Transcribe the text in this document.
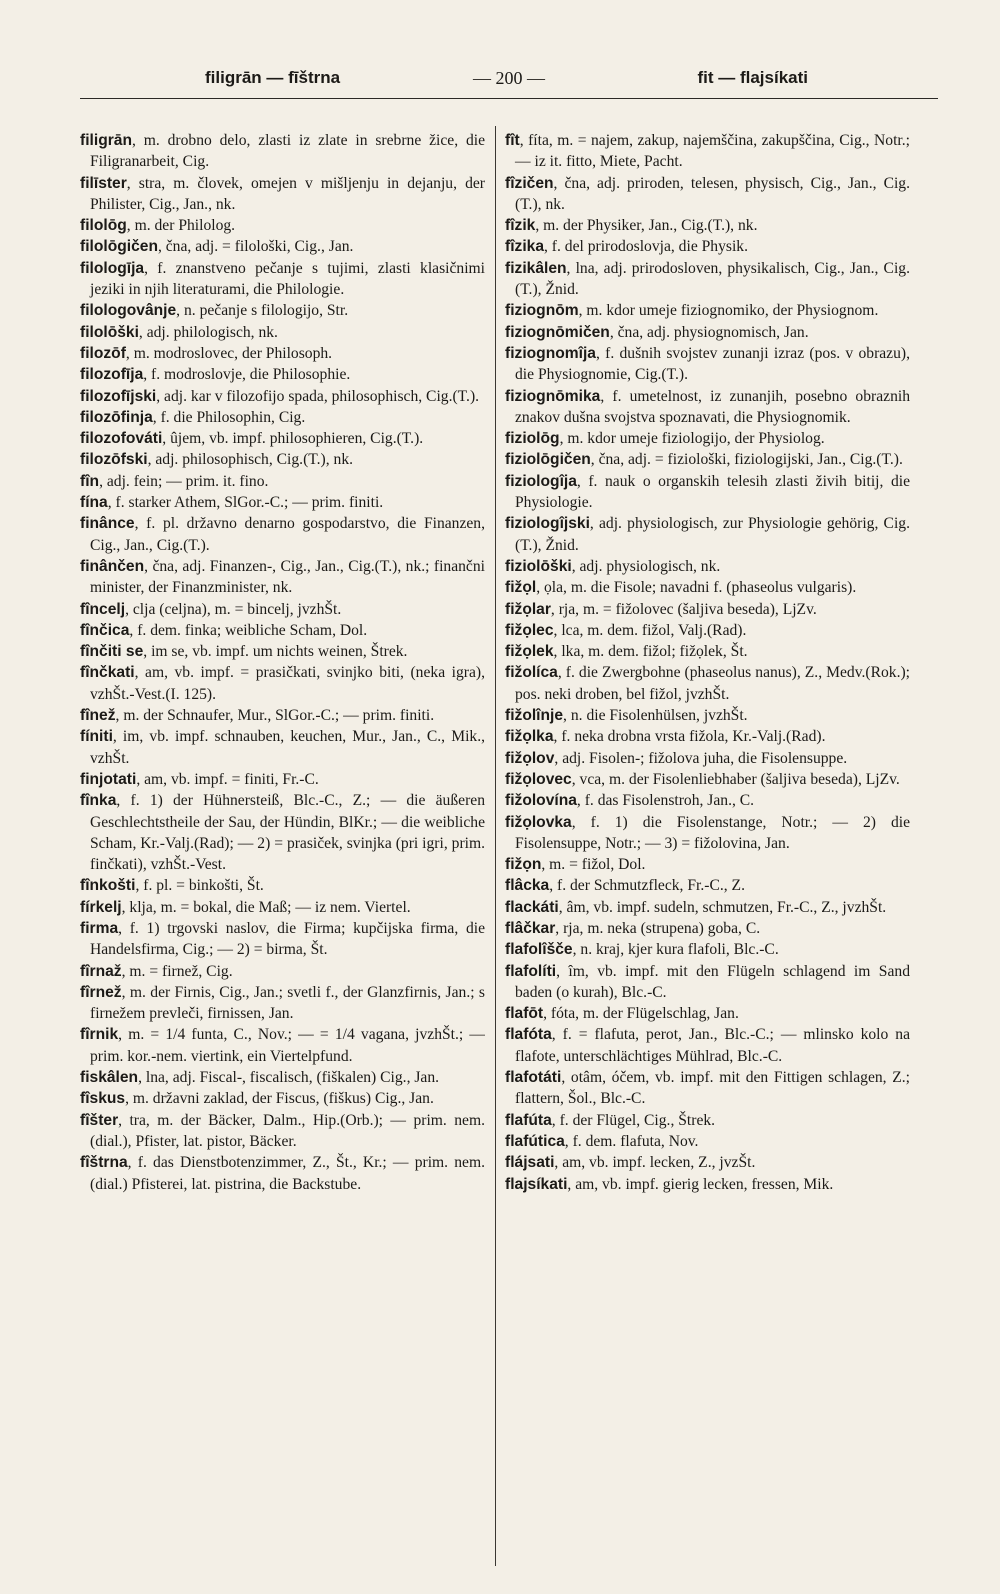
filigrān — fīštrna	— 200 —	fit — flajsíkati
filigrān, m. drobno delo, zlasti iz zlate in srebrne žice, die Filigranarbeit, Cig.
filīster, stra, m. človek, omejen v mišljenju in dejanju, der Philister, Cig., Jan., nk.
filolōg, m. der Philolog.
filolōgičen, čna, adj. = filološki, Cig., Jan.
filologīja, f. znanstveno pečanje s tujimi, zlasti klasičnimi jeziki in njih literaturami, die Philologie.
filologovânje, n. pečanje s filologijo, Str.
filolōški, adj. philologisch, nk.
filozōf, m. modroslovec, der Philosoph.
filozofīja, f. modroslovje, die Philosophie.
filozofījski, adj. kar v filozofijo spada, philosophisch, Cig.(T.).
filozōfinja, f. die Philosophin, Cig.
filozofováti, ûjem, vb. impf. philosophieren, Cig.(T.).
filozōfski, adj. philosophisch, Cig.(T.), nk.
fîn, adj. fein; — prim. it. fino.
fína, f. starker Athem, SlGor.-C.; — prim. finiti.
finânce, f. pl. državno denarno gospodarstvo, die Finanzen, Cig., Jan., Cig.(T.).
finânčen, čna, adj. Finanzen-, Cig., Jan., Cig.(T.), nk.; finančni minister, der Finanzminister, nk.
fîncelj, clja (celjna), m. = bincelj, jvzhŠt.
fînčica, f. dem. finka; weibliche Scham, Dol.
fînčiti se, im se, vb. impf. um nichts weinen, Štrek.
fînčkati, am, vb. impf. = prasičkati, svinjko biti, (neka igra), vzhŠt.-Vest.(I. 125).
fînež, m. der Schnaufer, Mur., SlGor.-C.; — prim. finiti.
fíniti, im, vb. impf. schnauben, keuchen, Mur., Jan., C., Mik., vzhŠt.
finjotati, am, vb. impf. = finiti, Fr.-C.
fînka, f. 1) der Hühnersteiß, Blc.-C., Z.; — die äußeren Geschlechtstheile der Sau, der Hündin, BlKr.; — die weibliche Scham, Kr.-Valj.(Rad); — 2) = prasiček, svinjka (pri igri, prim. finčkati), vzhŠt.-Vest.
fînkošti, f. pl. = binkošti, Št.
fírkelj, klja, m. = bokal, die Maß; — iz nem. Viertel.
firma, f. 1) trgovski naslov, die Firma; kupčijska firma, die Handelsfirma, Cig.; — 2) = birma, Št.
fîrnaž, m. = firnež, Cig.
fîrnež, m. der Firnis, Cig., Jan.; svetli f., der Glanzfirnis, Jan.; s firnežem prevleči, firnissen, Jan.
fîrnik, m. = 1/4 funta, C., Nov.; — = 1/4 vagana, jvzhŠt.; — prim. kor.-nem. viertink, ein Viertelpfund.
fiskâlen, lna, adj. Fiscal-, fiscalisch, (fiškalen) Cig., Jan.
fîskus, m. državni zaklad, der Fiscus, (fiškus) Cig., Jan.
fîšter, tra, m. der Bäcker, Dalm., Hip.(Orb.); — prim. nem. (dial.), Pfister, lat. pistor, Bäcker.
fîštrna, f. das Dienstbotenzimmer, Z., Št., Kr.; — prim. nem. (dial.) Pfisterei, lat. pistrina, die Backstube.
fît, fíta, m. = najem, zakup, najemščina, zakupščina, Cig., Notr.; — iz it. fitto, Miete, Pacht.
fîzičen, čna, adj. priroden, telesen, physisch, Cig., Jan., Cig.(T.), nk.
fîzik, m. der Physiker, Jan., Cig.(T.), nk.
fîzika, f. del prirodoslovja, die Physik.
fizikâlen, lna, adj. prirodosloven, physikalisch, Cig., Jan., Cig.(T.), Žnid.
fiziognōm, m. kdor umeje fiziognomiko, der Physiognom.
fiziognōmičen, čna, adj. physiognomisch, Jan.
fiziognomîja, f. dušnih svojstev zunanji izraz (pos. v obrazu), die Physiognomie, Cig.(T.).
fiziognōmika, f. umetelnost, iz zunanjih, posebno obraznih znakov dušna svojstva spoznavati, die Physiognomik.
fiziolōg, m. kdor umeje fiziologijo, der Physiolog.
fiziolōgičen, čna, adj. = fiziološki, fiziologijski, Jan., Cig.(T.).
fiziologîja, f. nauk o organskih telesih zlasti živih bitij, die Physiologie.
fiziologîjski, adj. physiologisch, zur Physiologie gehörig, Cig.(T.), Žnid.
fiziolōški, adj. physiologisch, nk.
fižọl, ọla, m. die Fisole; navadni f. (phaseolus vulgaris).
fižọlar, rja, m. = fižolovec (šaljiva beseda), LjZv.
fižọlec, lca, m. dem. fižol, Valj.(Rad).
fižọlek, lka, m. dem. fižol; fižọlek, Št.
fižolíca, f. die Zwergbohne (phaseolus nanus), Z., Medv.(Rok.); pos. neki droben, bel fižol, jvzhŠt.
fižolînje, n. die Fisolenhülsen, jvzhŠt.
fižọlka, f. neka drobna vrsta fižola, Kr.-Valj.(Rad).
fižọlov, adj. Fisolen-; fižolova juha, die Fisolensuppe.
fižọlovec, vca, m. der Fisolenliebhaber (šaljiva beseda), LjZv.
fižolovína, f. das Fisolenstroh, Jan., C.
fižọlovka, f. 1) die Fisolenstange, Notr.; — 2) die Fisolensuppe, Notr.; — 3) = fižolovina, Jan.
fižọn, m. = fižol, Dol.
flâcka, f. der Schmutzfleck, Fr.-C., Z.
flackáti, âm, vb. impf. sudeln, schmutzen, Fr.-C., Z., jvzhŠt.
flâčkar, rja, m. neka (strupena) goba, C.
flafolîšče, n. kraj, kjer kura flafoli, Blc.-C.
flafolíti, îm, vb. impf. mit den Flügeln schlagend im Sand baden (o kurah), Blc.-C.
flafōt, fóta, m. der Flügelschlag, Jan.
flafóta, f. = flafuta, perot, Jan., Blc.-C.; — mlinsko kolo na flafote, unterschlächtiges Mühlrad, Blc.-C.
flafotáti, otâm, óčem, vb. impf. mit den Fittigen schlagen, Z.; flattern, Šol., Blc.-C.
flafúta, f. der Flügel, Cig., Štrek.
flafútica, f. dem. flafuta, Nov.
flájsati, am, vb. impf. lecken, Z., jvzŠt.
flajsíkati, am, vb. impf. gierig lecken, fressen, Mik.
